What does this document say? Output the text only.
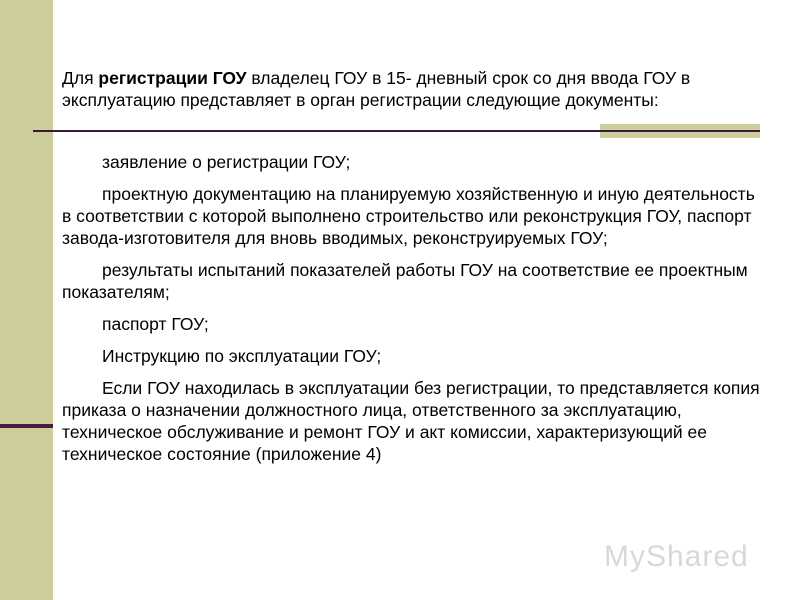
Для регистрации ГОУ владелец ГОУ в 15- дневный срок со дня ввода ГОУ в эксплуатацию представляет в орган регистрации следующие документы:

заявление о регистрации ГОУ;

проектную документацию на планируемую хозяйственную и иную деятельность в соответствии с которой выполнено строительство или реконструкция ГОУ, паспорт завода-изготовителя для вновь вводимых, реконструируемых ГОУ;

результаты испытаний показателей работы ГОУ на соответствие ее проектным показателям;

паспорт ГОУ;

Инструкцию по эксплуатации ГОУ;

Если ГОУ находилась в эксплуатации без регистрации, то представляется копия приказа о назначении должностного лица, ответственного за эксплуатацию, техническое обслуживание и ремонт ГОУ и акт комиссии, характеризующий ее техническое состояние (приложение 4)

MyShared
